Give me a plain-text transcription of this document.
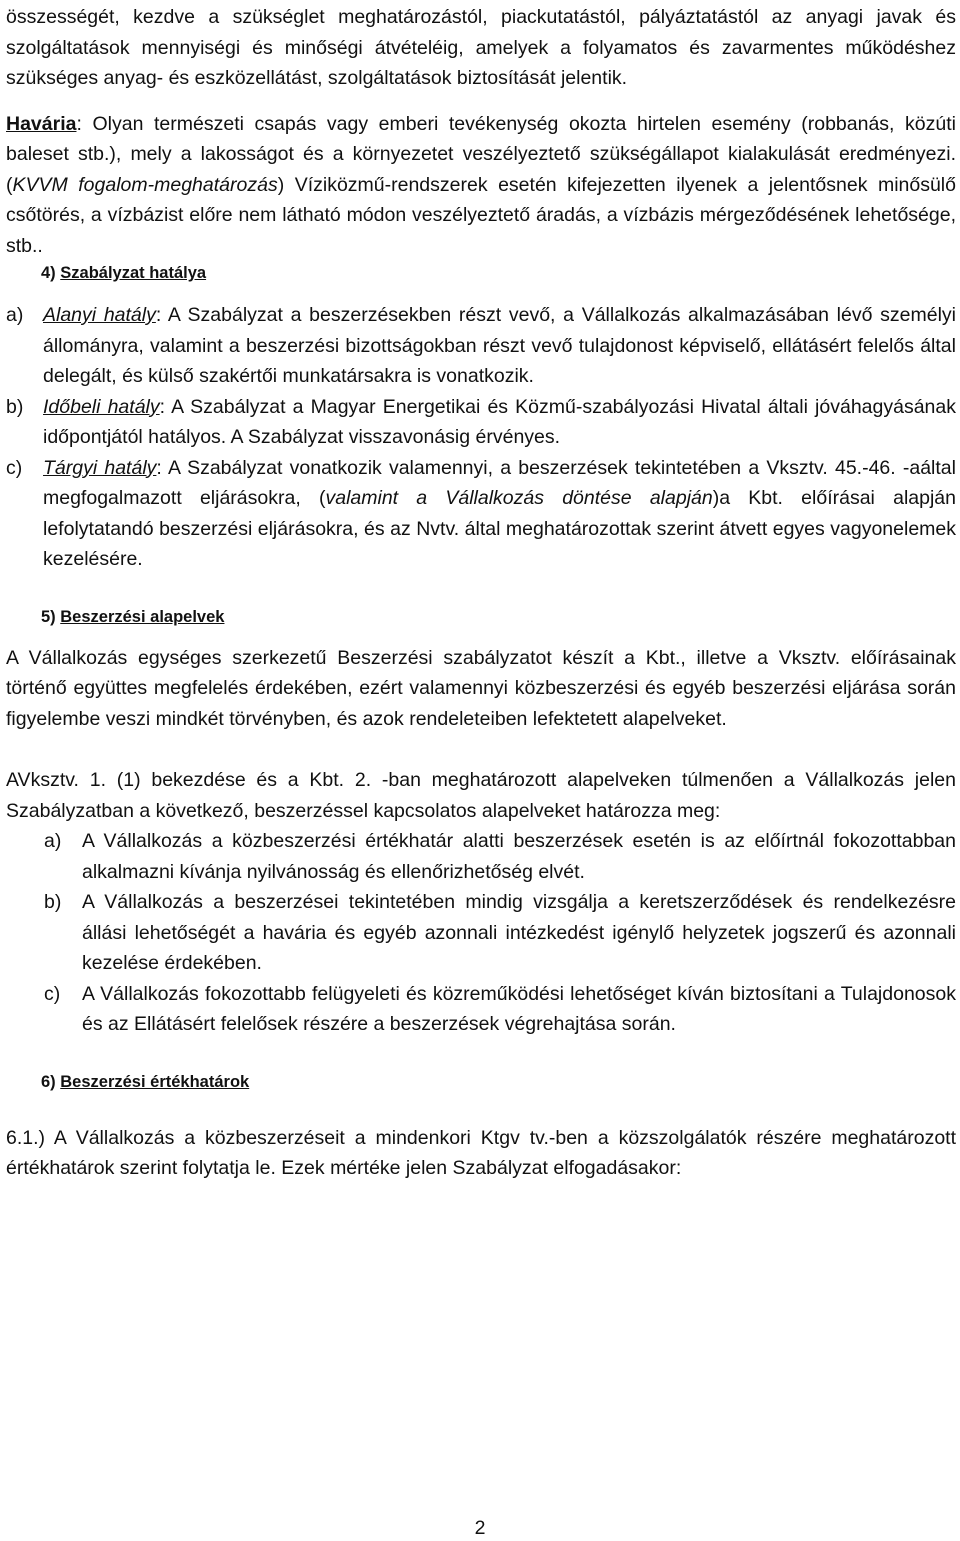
összességét, kezdve a szükséglet meghatározástól, piackutatástól, pályáztatástól az anyagi javak és szolgáltatások mennyiségi és minőségi átvételéig, amelyek a folyamatos és zavarmentes működéshez szükséges anyag- és eszközellátást, szolgáltatások biztosítását jelentik.

Havária: Olyan természeti csapás vagy emberi tevékenység okozta hirtelen esemény (robbanás, közúti baleset stb.), mely a lakosságot és a környezetet veszélyeztető szükségállapot kialakulását eredményezi. (KVVM fogalom-meghatározás) Víziközmű-rendszerek esetén kifejezetten ilyenek a jelentősnek minősülő csőtörés, a vízbázist előre nem látható módon veszélyeztető áradás, a vízbázis mérgeződésének lehetősége, stb..

4) Szabályzat hatálya
a)	Alanyi hatály: A Szabályzat a beszerzésekben részt vevő, a Vállalkozás alkalmazásában lévő személyi állományra, valamint a beszerzési bizottságokban részt vevő tulajdonost képviselő, ellátásért felelős által delegált, és külső szakértői munkatársakra is vonatkozik.
b)	Időbeli hatály: A Szabályzat a Magyar Energetikai és Közmű-szabályozási Hivatal általi jóváhagyásának időpontjától hatályos. A Szabályzat visszavonásig érvényes.
c)	Tárgyi hatály: A Szabályzat vonatkozik valamennyi, a beszerzések tekintetében a Vksztv. 45.-46. -aáltal megfogalmazott eljárásokra, (valamint a Vállalkozás döntése alapján)a Kbt. előírásai alapján lefolytatandó beszerzési eljárásokra, és az Nvtv. által meghatározottak szerint átvett egyes vagyonelemek kezelésére.
5) Beszerzési alapelvek

A Vállalkozás egységes szerkezetű Beszerzési szabályzatot készít a Kbt., illetve a Vksztv. előírásainak történő együttes megfelelés érdekében, ezért valamennyi közbeszerzési és egyéb beszerzési eljárása során figyelembe veszi mindkét törvényben, és azok rendeleteiben lefektetett alapelveket.

AVksztv. 1. (1) bekezdése és a Kbt. 2. -ban meghatározott alapelveken túlmenően a Vállalkozás jelen Szabályzatban a következő, beszerzéssel kapcsolatos alapelveket határozza meg:

a)	A Vállalkozás a közbeszerzési értékhatár alatti beszerzések esetén is az előírtnál fokozottabban alkalmazni kívánja nyilvánosság és ellenőrizhetőség elvét.
b)	A Vállalkozás a beszerzései tekintetében mindig vizsgálja a keretszerződések és rendelkezésre állási lehetőségét a havária és egyéb azonnali intézkedést igénylő helyzetek jogszerű és azonnali kezelése érdekében.
c)	A Vállalkozás fokozottabb felügyeleti és közreműködési lehetőséget kíván biztosítani a Tulajdonosok és az Ellátásért felelősek részére a beszerzések végrehajtása során.
6) Beszerzési értékhatárok

6.1.) A Vállalkozás a közbeszerzéseit a mindenkori Ktgv tv.-ben a közszolgálatók részére meghatározott értékhatárok szerint folytatja le. Ezek mértéke jelen Szabályzat elfogadásakor:

2
